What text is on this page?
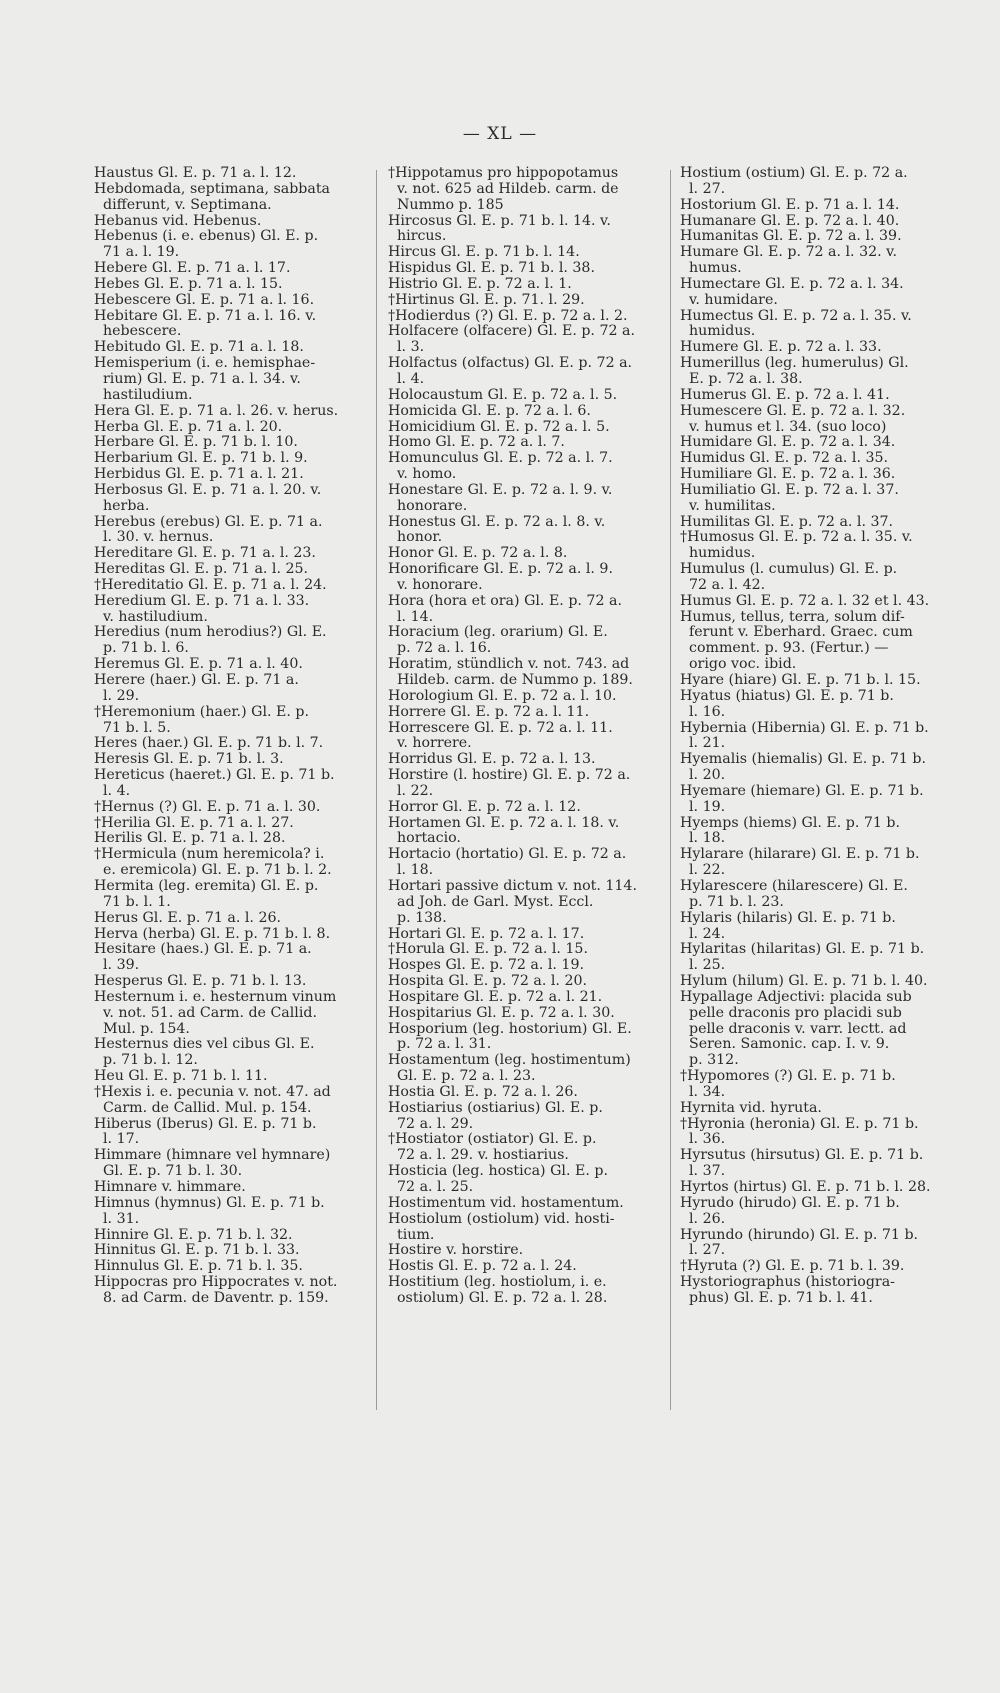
— XL —
Haustus Gl. E. p. 71 a. l. 12.
Hebdomada, septimana, sabbata
differunt, v. Septimana.
Hebanus vid. Hebenus.
Hebenus (i. e. ebenus) Gl. E. p.
71 a. l. 19.
Hebere Gl. E. p. 71 a. l. 17.
Hebes Gl. E. p. 71 a. l. 15.
Hebescere Gl. E. p. 71 a. l. 16.
Hebitare Gl. E. p. 71 a. l. 16. v.
hebescere.
Hebitudo Gl. E. p. 71 a. l. 18.
Hemisperium (i. e. hemisphae-
rium) Gl. E. p. 71 a. l. 34. v.
hastiludium.
Hera Gl. E. p. 71 a. l. 26. v. herus.
Herba Gl. E. p. 71 a. l. 20.
Herbare Gl. E. p. 71 b. l. 10.
Herbarium Gl. E. p. 71 b. l. 9.
Herbidus Gl. E. p. 71 a. l. 21.
Herbosus Gl. E. p. 71 a. l. 20. v.
herba.
Herebus (erebus) Gl. E. p. 71 a.
l. 30. v. hernus.
Hereditare Gl. E. p. 71 a. l. 23.
Hereditas Gl. E. p. 71 a. l. 25.
†Hereditatio Gl. E. p. 71 a. l. 24.
Heredium Gl. E. p. 71 a. l. 33.
v. hastiludium.
Heredius (num herodius?) Gl. E.
p. 71 b. l. 6.
Heremus Gl. E. p. 71 a. l. 40.
Herere (haer.) Gl. E. p. 71 a.
l. 29.
†Heremonium (haer.) Gl. E. p.
71 b. l. 5.
Heres (haer.) Gl. E. p. 71 b. l. 7.
Heresis Gl. E. p. 71 b. l. 3.
Hereticus (haeret.) Gl. E. p. 71 b.
l. 4.
†Hernus (?) Gl. E. p. 71 a. l. 30.
†Herilia Gl. E. p. 71 a. l. 27.
Herilis Gl. E. p. 71 a. l. 28.
†Hermicula (num heremicola? i.
e. eremicola) Gl. E. p. 71 b. l. 2.
Hermita (leg. eremita) Gl. E. p.
71 b. l. 1.
Herus Gl. E. p. 71 a. l. 26.
Herva (herba) Gl. E. p. 71 b. l. 8.
Hesitare (haes.) Gl. E. p. 71 a.
l. 39.
Hesperus Gl. E. p. 71 b. l. 13.
Hesternum i. e. hesternum vinum
v. not. 51. ad Carm. de Callid.
Mul. p. 154.
Hesternus dies vel cibus Gl. E.
p. 71 b. l. 12.
Heu Gl. E. p. 71 b. l. 11.
†Hexis i. e. pecunia v. not. 47. ad
Carm. de Callid. Mul. p. 154.
Hiberus (Iberus) Gl. E. p. 71 b.
l. 17.
Himmare (himnare vel hymnare)
Gl. E. p. 71 b. l. 30.
Himnare v. himmare.
Himnus (hymnus) Gl. E. p. 71 b.
l. 31.
Hinnire Gl. E. p. 71 b. l. 32.
Hinnitus Gl. E. p. 71 b. l. 33.
Hinnulus Gl. E. p. 71 b. l. 35.
Hippocras pro Hippocrates v. not.
8. ad Carm. de Daventr. p. 159.
†Hippotamus pro hippopotamus
v. not. 625 ad Hildeb. carm. de
Nummo p. 185
Hircosus Gl. E. p. 71 b. l. 14. v.
hircus.
Hircus Gl. E. p. 71 b. l. 14.
Hispidus Gl. E. p. 71 b. l. 38.
Histrio Gl. E. p. 72 a. l. 1.
†Hirtinus Gl. E. p. 71. l. 29.
†Hodierdus (?) Gl. E. p. 72 a. l. 2.
Holfacere (olfacere) Gl. E. p. 72 a.
l. 3.
Holfactus (olfactus) Gl. E. p. 72 a.
l. 4.
Holocaustum Gl. E. p. 72 a. l. 5.
Homicida Gl. E. p. 72 a. l. 6.
Homicidium Gl. E. p. 72 a. l. 5.
Homo Gl. E. p. 72 a. l. 7.
Homunculus Gl. E. p. 72 a. l. 7.
v. homo.
Honestare Gl. E. p. 72 a. l. 9. v.
honorare.
Honestus Gl. E. p. 72 a. l. 8. v.
honor.
Honor Gl. E. p. 72 a. l. 8.
Honorificare Gl. E. p. 72 a. l. 9.
v. honorare.
Hora (hora et ora) Gl. E. p. 72 a.
l. 14.
Horacium (leg. orarium) Gl. E.
p. 72 a. l. 16.
Horatim, stündlich v. not. 743. ad
Hildeb. carm. de Nummo p. 189.
Horologium Gl. E. p. 72 a. l. 10.
Horrere Gl. E. p. 72 a. l. 11.
Horrescere Gl. E. p. 72 a. l. 11.
v. horrere.
Horridus Gl. E. p. 72 a. l. 13.
Horstire (l. hostire) Gl. E. p. 72 a.
l. 22.
Horror Gl. E. p. 72 a. l. 12.
Hortamen Gl. E. p. 72 a. l. 18. v.
hortacio.
Hortacio (hortatio) Gl. E. p. 72 a.
l. 18.
Hortari passive dictum v. not. 114.
ad Joh. de Garl. Myst. Eccl.
p. 138.
Hortari Gl. E. p. 72 a. l. 17.
†Horula Gl. E. p. 72 a. l. 15.
Hospes Gl. E. p. 72 a. l. 19.
Hospita Gl. E. p. 72 a. l. 20.
Hospitare Gl. E. p. 72 a. l. 21.
Hospitarius Gl. E. p. 72 a. l. 30.
Hosporium (leg. hostorium) Gl. E.
p. 72 a. l. 31.
Hostamentum (leg. hostimentum)
Gl. E. p. 72 a. l. 23.
Hostia Gl. E. p. 72 a. l. 26.
Hostiarius (ostiarius) Gl. E. p.
72 a. l. 29.
†Hostiator (ostiator) Gl. E. p.
72 a. l. 29. v. hostiarius.
Hosticia (leg. hostica) Gl. E. p.
72 a. l. 25.
Hostimentum vid. hostamentum.
Hostiolum (ostiolum) vid. hosti-
tium.
Hostire v. horstire.
Hostis Gl. E. p. 72 a. l. 24.
Hostitium (leg. hostiolum, i. e.
ostiolum) Gl. E. p. 72 a. l. 28.
Hostium (ostium) Gl. E. p. 72 a.
l. 27.
Hostorium Gl. E. p. 71 a. l. 14.
Humanare Gl. E. p. 72 a. l. 40.
Humanitas Gl. E. p. 72 a. l. 39.
Humare Gl. E. p. 72 a. l. 32. v.
humus.
Humectare Gl. E. p. 72 a. l. 34.
v. humidare.
Humectus Gl. E. p. 72 a. l. 35. v.
humidus.
Humere Gl. E. p. 72 a. l. 33.
Humerillus (leg. humerulus) Gl.
E. p. 72 a. l. 38.
Humerus Gl. E. p. 72 a. l. 41.
Humescere Gl. E. p. 72 a. l. 32.
v. humus et l. 34. (suo loco)
Humidare Gl. E. p. 72 a. l. 34.
Humidus Gl. E. p. 72 a. l. 35.
Humiliare Gl. E. p. 72 a. l. 36.
Humiliatio Gl. E. p. 72 a. l. 37.
v. humilitas.
Humilitas Gl. E. p. 72 a. l. 37.
†Humosus Gl. E. p. 72 a. l. 35. v.
humidus.
Humulus (l. cumulus) Gl. E. p.
72 a. l. 42.
Humus Gl. E. p. 72 a. l. 32 et l. 43.
Humus, tellus, terra, solum dif-
ferunt v. Eberhard. Graec. cum
comment. p. 93. (Fertur.) —
origo voc. ibid.
Hyare (hiare) Gl. E. p. 71 b. l. 15.
Hyatus (hiatus) Gl. E. p. 71 b.
l. 16.
Hybernia (Hibernia) Gl. E. p. 71 b.
l. 21.
Hyemalis (hiemalis) Gl. E. p. 71 b.
l. 20.
Hyemare (hiemare) Gl. E. p. 71 b.
l. 19.
Hyemps (hiems) Gl. E. p. 71 b.
l. 18.
Hylarare (hilarare) Gl. E. p. 71 b.
l. 22.
Hylarescere (hilarescere) Gl. E.
p. 71 b. l. 23.
Hylaris (hilaris) Gl. E. p. 71 b.
l. 24.
Hylaritas (hilaritas) Gl. E. p. 71 b.
l. 25.
Hylum (hilum) Gl. E. p. 71 b. l. 40.
Hypallage Adjectivi: placida sub
pelle draconis pro placidi sub
pelle draconis v. varr. lectt. ad
Seren. Samonic. cap. I. v. 9.
p. 312.
†Hypomores (?) Gl. E. p. 71 b.
l. 34.
Hyrnita vid. hyruta.
†Hyronia (heronia) Gl. E. p. 71 b.
l. 36.
Hyrsutus (hirsutus) Gl. E. p. 71 b.
l. 37.
Hyrtos (hirtus) Gl. E. p. 71 b. l. 28.
Hyrudo (hirudo) Gl. E. p. 71 b.
l. 26.
Hyrundo (hirundo) Gl. E. p. 71 b.
l. 27.
†Hyruta (?) Gl. E. p. 71 b. l. 39.
Hystoriographus (historiogra-
phus) Gl. E. p. 71 b. l. 41.
